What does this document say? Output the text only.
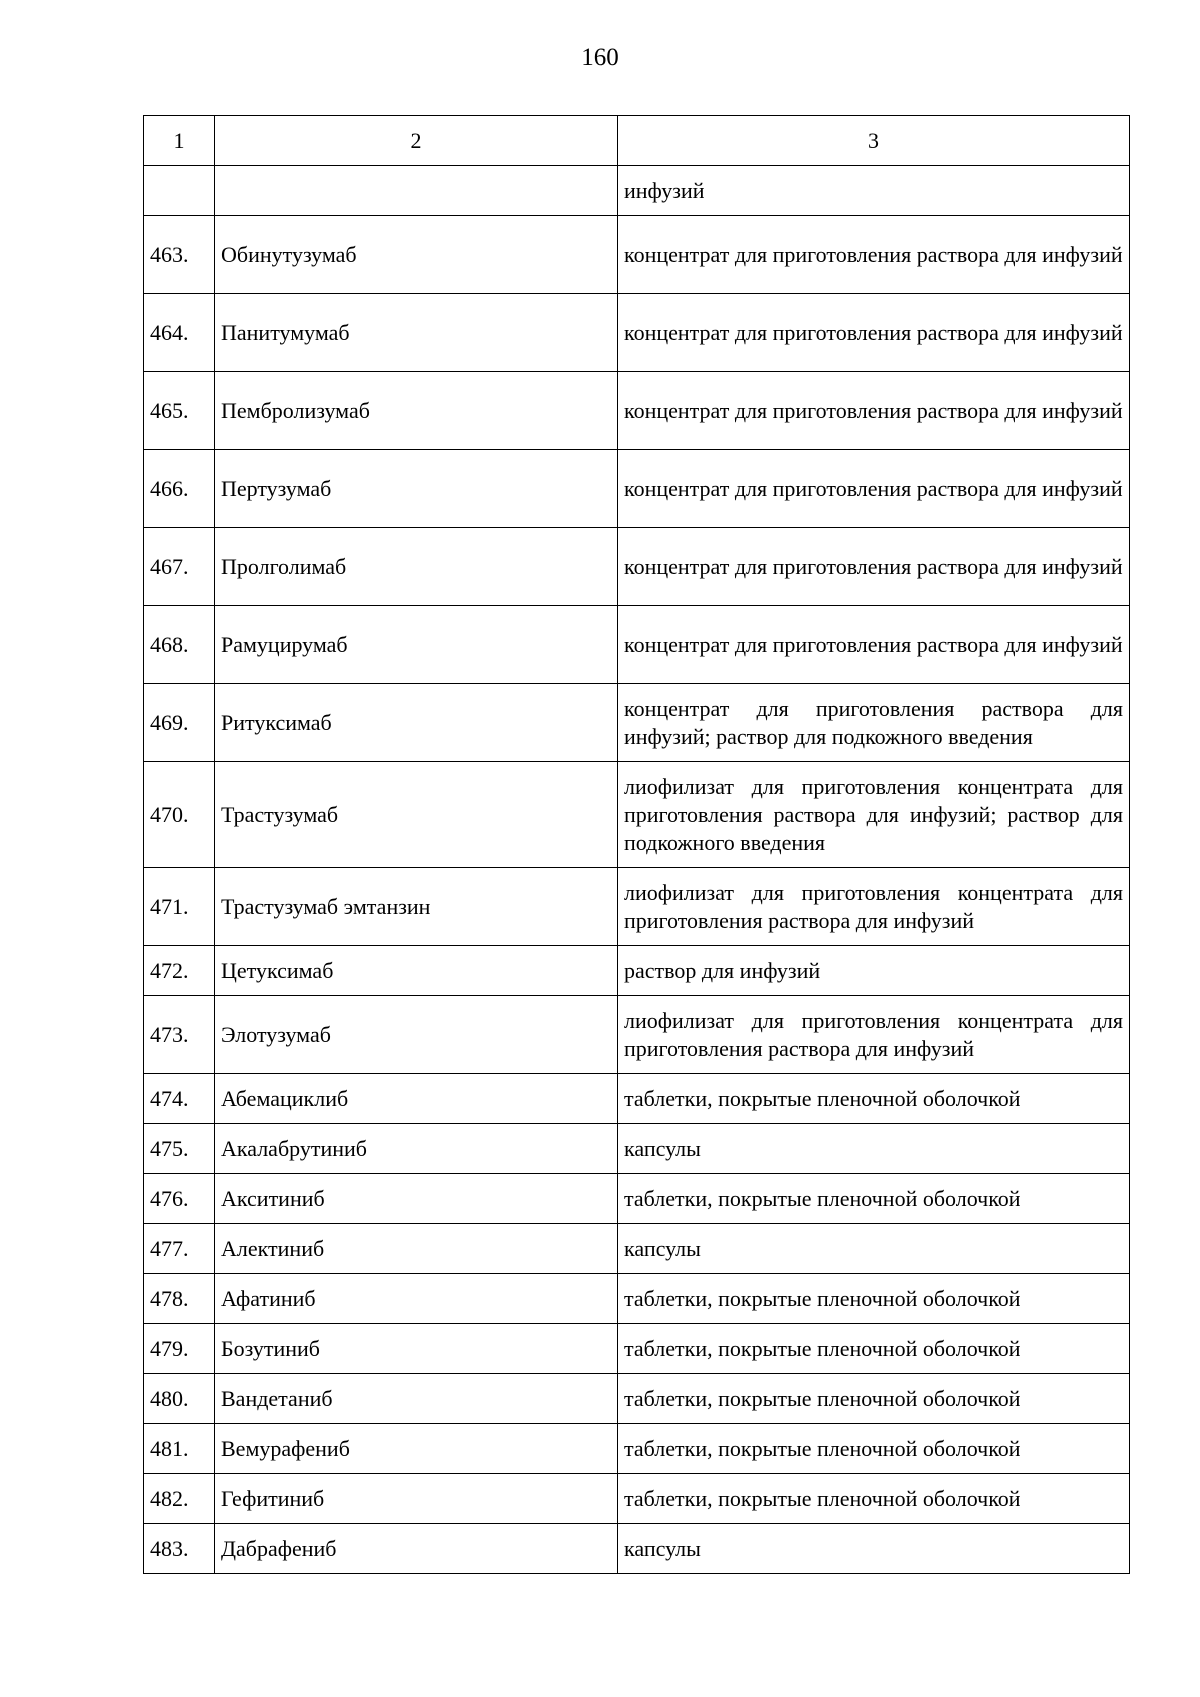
160
1	2	3
		инфузий
463.	Обинутузумаб	концентрат для приготовления раствора для инфузий
464.	Панитумумаб	концентрат для приготовления раствора для инфузий
465.	Пембролизумаб	концентрат для приготовления раствора для инфузий
466.	Пертузумаб	концентрат для приготовления раствора для инфузий
467.	Пролголимаб	концентрат для приготовления раствора для инфузий
468.	Рамуцирумаб	концентрат для приготовления раствора для инфузий
469.	Ритуксимаб	концентрат для приготовления раствора для инфузий; раствор для подкожного введения
470.	Трастузумаб	лиофилизат для приготовления концентрата для приготовления раствора для инфузий; раствор для подкожного введения
471.	Трастузумаб эмтанзин	лиофилизат для приготовления концентрата для приготовления раствора для инфузий
472.	Цетуксимаб	раствор для инфузий
473.	Элотузумаб	лиофилизат для приготовления концентрата для приготовления раствора для инфузий
474.	Абемациклиб	таблетки, покрытые пленочной оболочкой
475.	Акалабрутиниб	капсулы
476.	Акситиниб	таблетки, покрытые пленочной оболочкой
477.	Алектиниб	капсулы
478.	Афатиниб	таблетки, покрытые пленочной оболочкой
479.	Бозутиниб	таблетки, покрытые пленочной оболочкой
480.	Вандетаниб	таблетки, покрытые пленочной оболочкой
481.	Вемурафениб	таблетки, покрытые пленочной оболочкой
482.	Гефитиниб	таблетки, покрытые пленочной оболочкой
483.	Дабрафениб	капсулы
